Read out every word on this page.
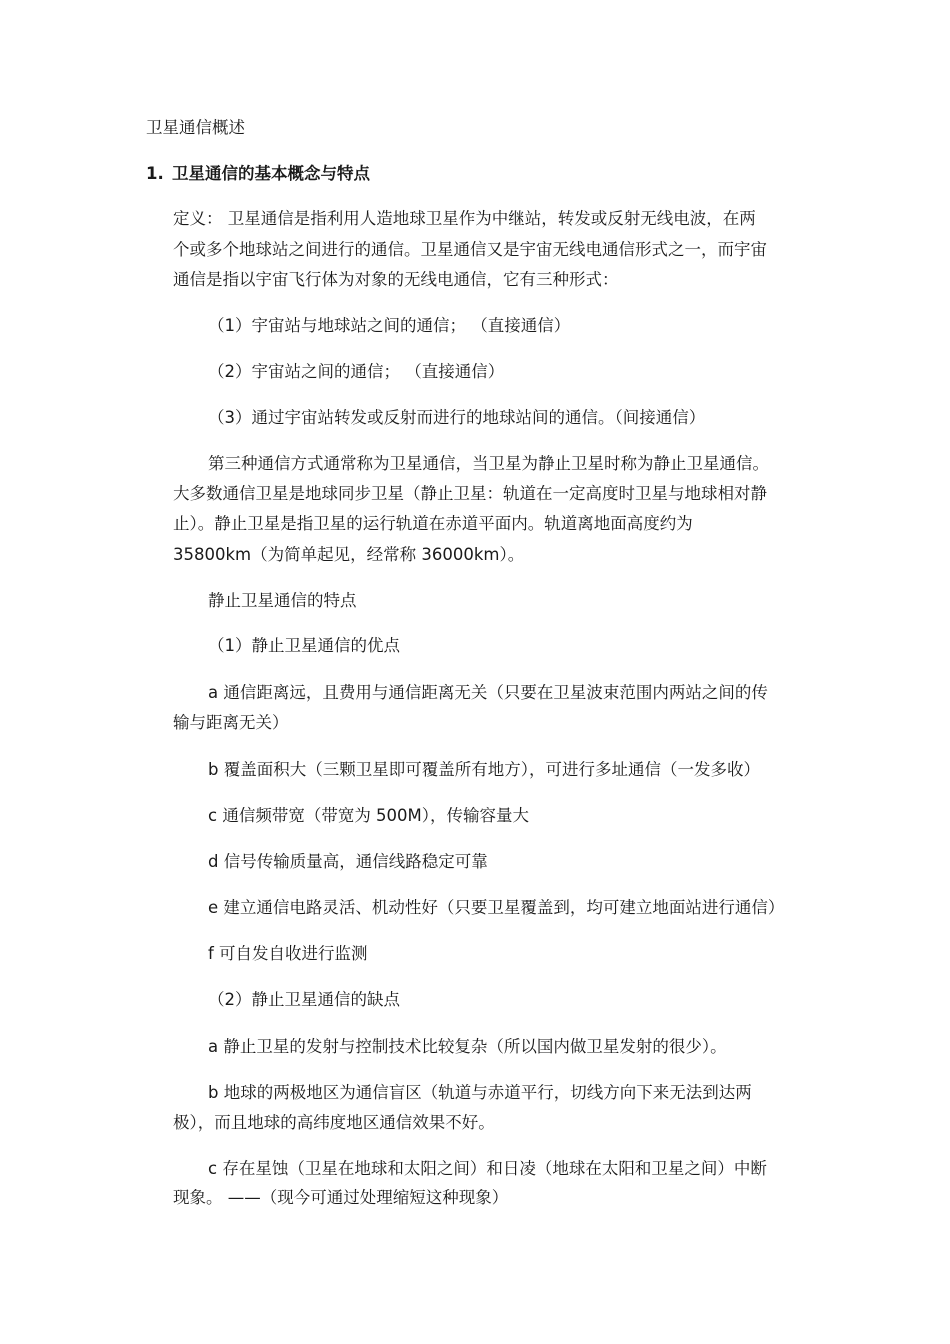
卫星通信概述
1. 卫星通信的基本概念与特点
定义： 卫星通信是指利用人造地球卫星作为中继站，转发或反射无线电波，在两
个或多个地球站之间进行的通信。卫星通信又是宇宙无线电通信形式之一，而宇宙
通信是指以宇宙飞行体为对象的无线电通信，它有三种形式：
（1）宇宙站与地球站之间的通信； （直接通信）
（2）宇宙站之间的通信； （直接通信）
（3）通过宇宙站转发或反射而进行的地球站间的通信。（间接通信）
第三种通信方式通常称为卫星通信，当卫星为静止卫星时称为静止卫星通信。
大多数通信卫星是地球同步卫星（静止卫星：轨道在一定高度时卫星与地球相对静
止）。静止卫星是指卫星的运行轨道在赤道平面内。轨道离地面高度约为
35800km（为简单起见，经常称 36000km）。
静止卫星通信的特点
（1）静止卫星通信的优点
a 通信距离远，且费用与通信距离无关（只要在卫星波束范围内两站之间的传
输与距离无关）
b 覆盖面积大（三颗卫星即可覆盖所有地方），可进行多址通信（一发多收）
c 通信频带宽（带宽为 500M），传输容量大
d 信号传输质量高，通信线路稳定可靠
e 建立通信电路灵活、机动性好（只要卫星覆盖到，均可建立地面站进行通信）
f 可自发自收进行监测
（2）静止卫星通信的缺点
a 静止卫星的发射与控制技术比较复杂（所以国内做卫星发射的很少）。
b 地球的两极地区为通信盲区（轨道与赤道平行，切线方向下来无法到达两
极），而且地球的高纬度地区通信效果不好。
c 存在星蚀（卫星在地球和太阳之间）和日凌（地球在太阳和卫星之间）中断
现象。 ——（现今可通过处理缩短这种现象）
